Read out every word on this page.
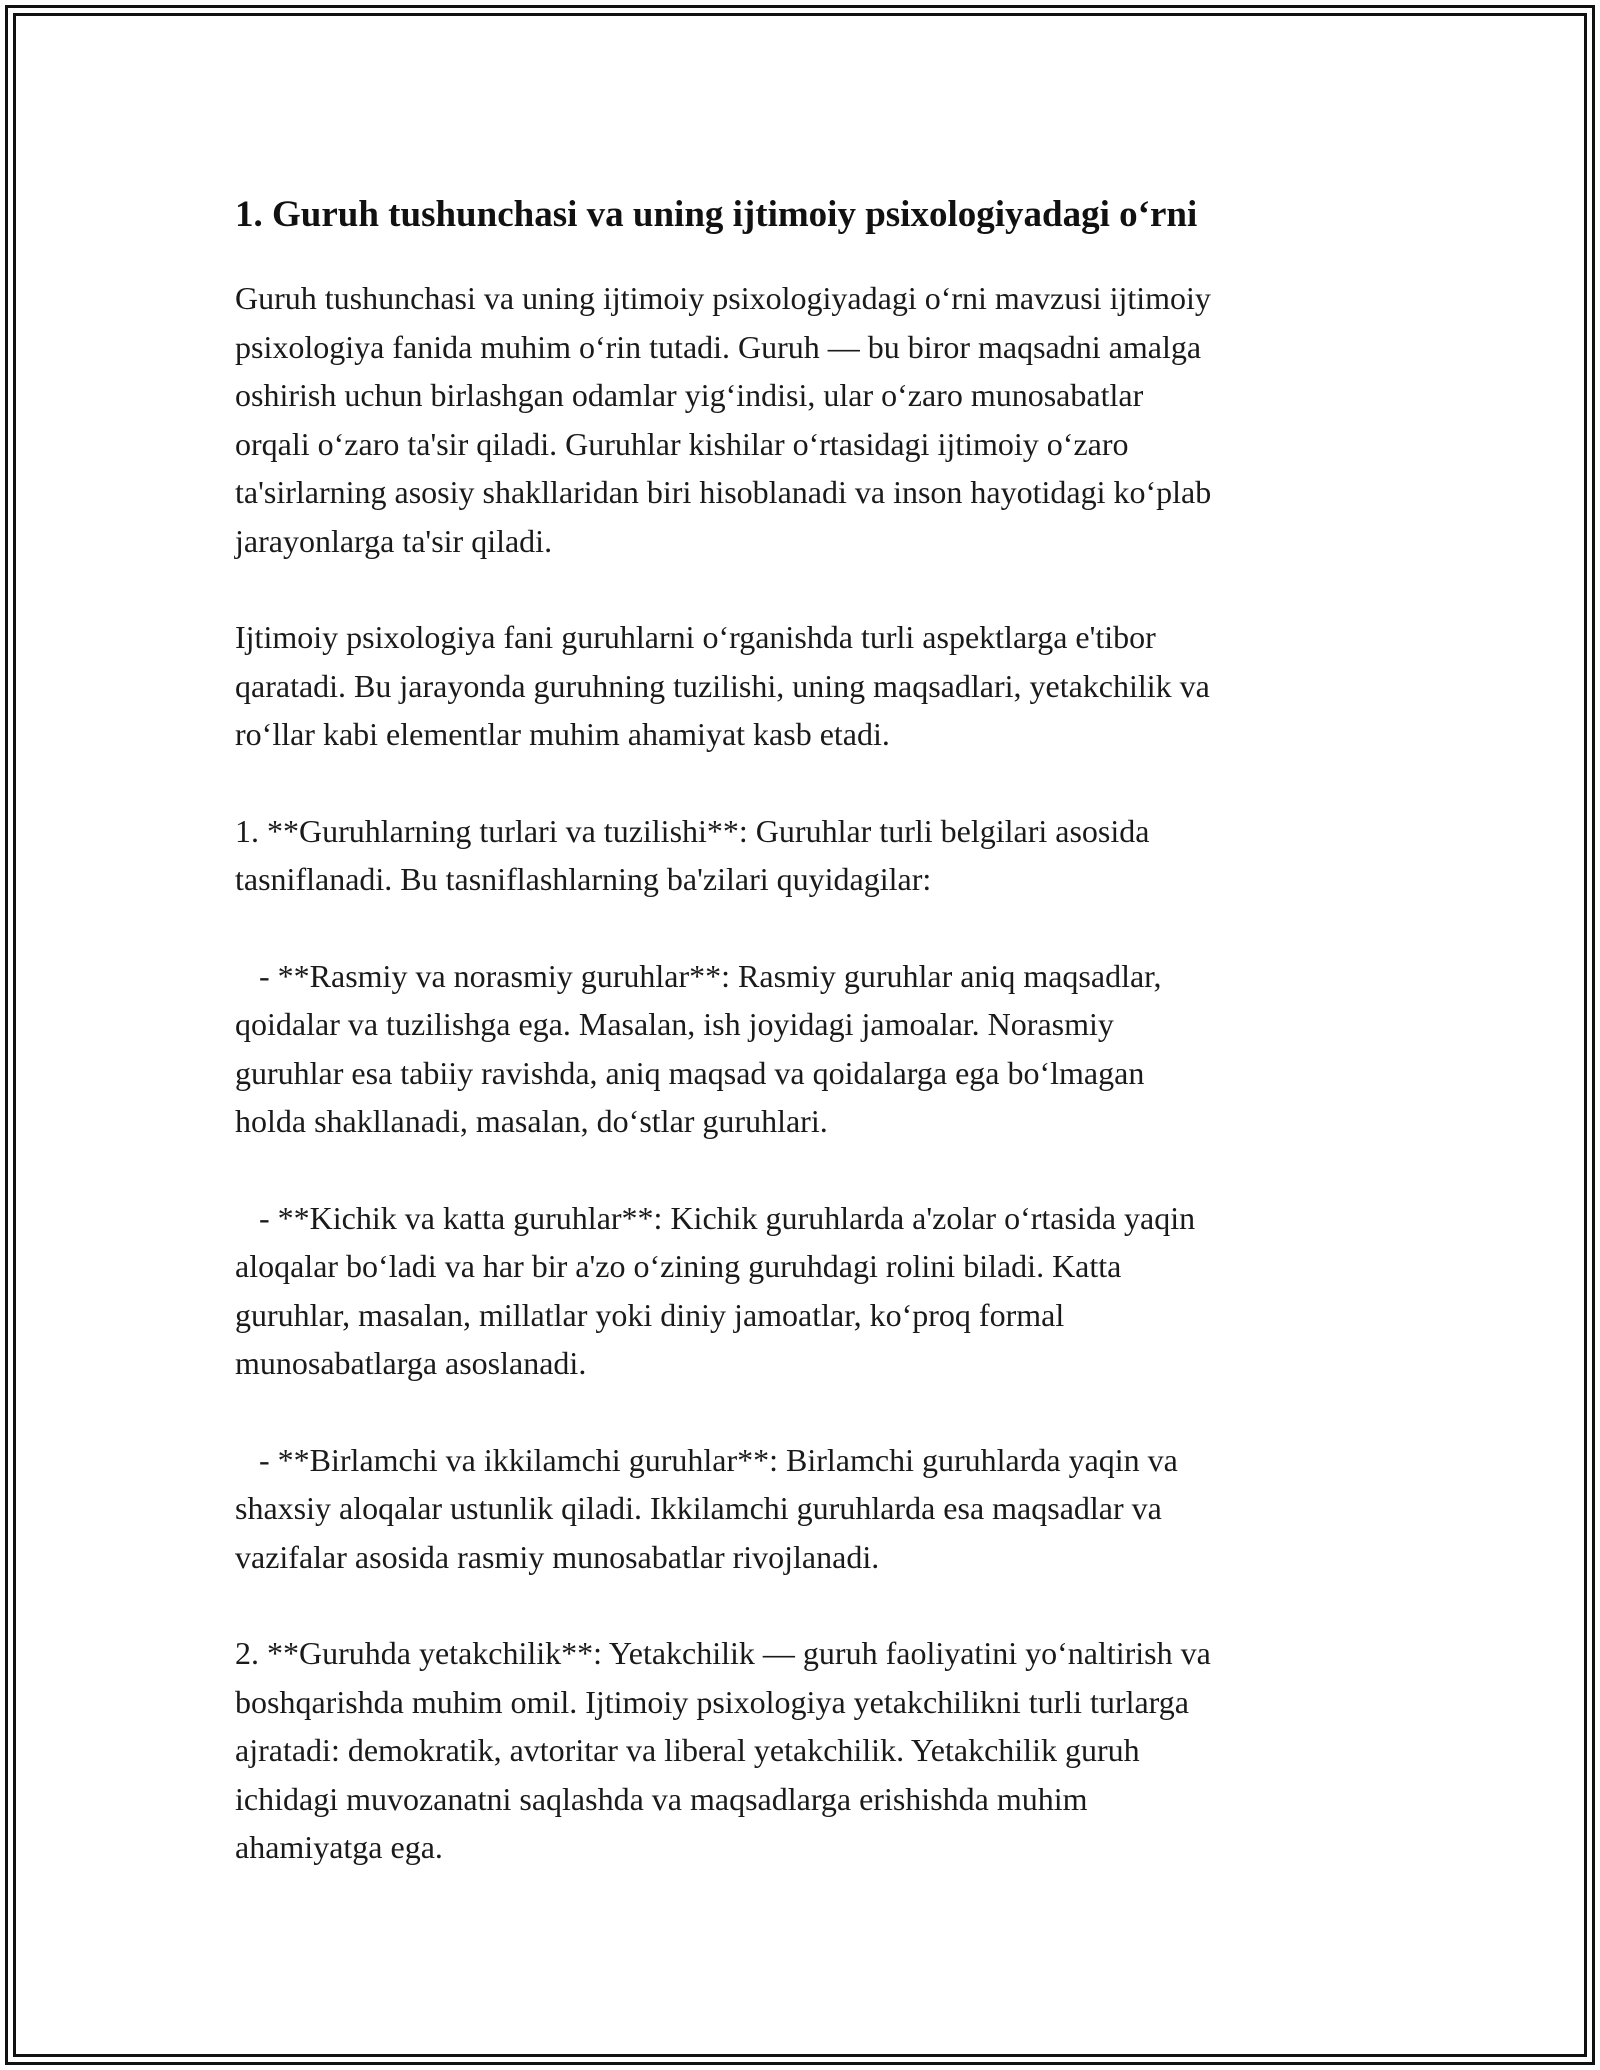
1. Guruh tushunchasi va uning ijtimoiy psixologiyadagi o‘rni

Guruh tushunchasi va uning ijtimoiy psixologiyadagi o‘rni mavzusi ijtimoiy
psixologiya fanida muhim o‘rin tutadi. Guruh — bu biror maqsadni amalga
oshirish uchun birlashgan odamlar yig‘indisi, ular o‘zaro munosabatlar
orqali o‘zaro ta'sir qiladi. Guruhlar kishilar o‘rtasidagi ijtimoiy o‘zaro
ta'sirlarning asosiy shakllaridan biri hisoblanadi va inson hayotidagi ko‘plab
jarayonlarga ta'sir qiladi.

Ijtimoiy psixologiya fani guruhlarni o‘rganishda turli aspektlarga e'tibor
qaratadi. Bu jarayonda guruhning tuzilishi, uning maqsadlari, yetakchilik va
ro‘llar kabi elementlar muhim ahamiyat kasb etadi.

1. **Guruhlarning turlari va tuzilishi**: Guruhlar turli belgilari asosida
tasniflanadi. Bu tasniflashlarning ba'zilari quyidagilar:

- **Rasmiy va norasmiy guruhlar**: Rasmiy guruhlar aniq maqsadlar,
qoidalar va tuzilishga ega. Masalan, ish joyidagi jamoalar. Norasmiy
guruhlar esa tabiiy ravishda, aniq maqsad va qoidalarga ega bo‘lmagan
holda shakllanadi, masalan, do‘stlar guruhlari.

- **Kichik va katta guruhlar**: Kichik guruhlarda a'zolar o‘rtasida yaqin
aloqalar bo‘ladi va har bir a'zo o‘zining guruhdagi rolini biladi. Katta
guruhlar, masalan, millatlar yoki diniy jamoatlar, ko‘proq formal
munosabatlarga asoslanadi.

- **Birlamchi va ikkilamchi guruhlar**: Birlamchi guruhlarda yaqin va
shaxsiy aloqalar ustunlik qiladi. Ikkilamchi guruhlarda esa maqsadlar va
vazifalar asosida rasmiy munosabatlar rivojlanadi.

2. **Guruhda yetakchilik**: Yetakchilik — guruh faoliyatini yo‘naltirish va
boshqarishda muhim omil. Ijtimoiy psixologiya yetakchilikni turli turlarga
ajratadi: demokratik, avtoritar va liberal yetakchilik. Yetakchilik guruh
ichidagi muvozanatni saqlashda va maqsadlarga erishishda muhim
ahamiyatga ega.
